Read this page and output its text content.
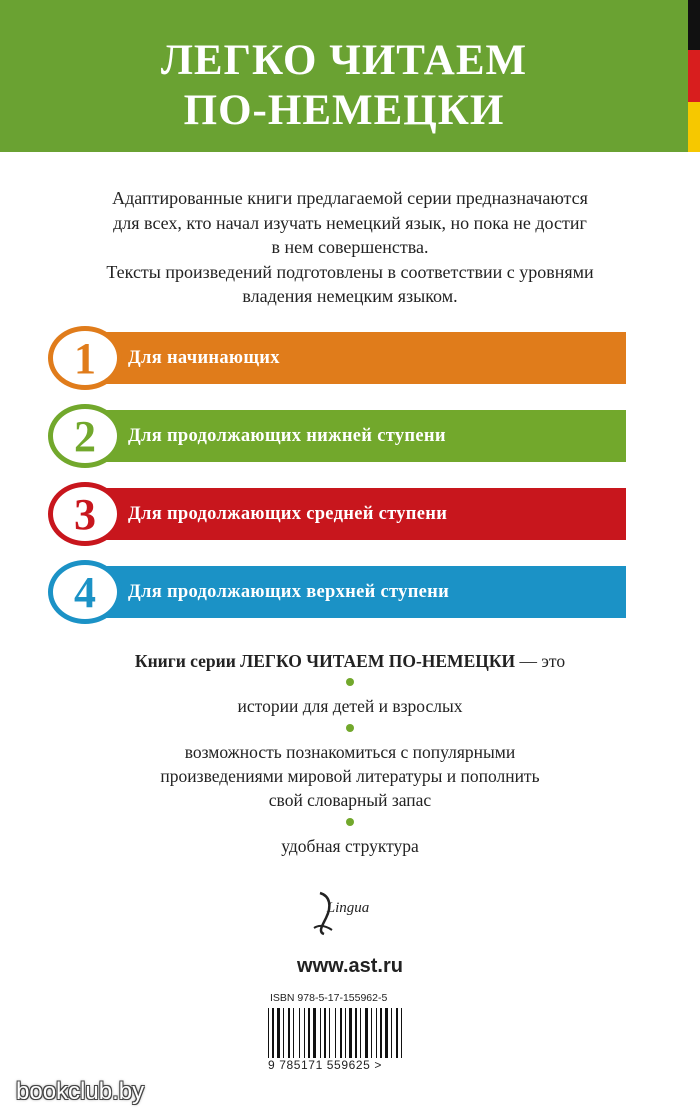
ЛЕГКО ЧИТАЕМ
ПО-НЕМЕЦКИ

Адаптированные книги предлагаемой серии предназначаются

для всех, кто начал изучать немецкий язык, но пока не достиг

в нем совершенства.

Тексты произведений подготовлены в соответствии с уровнями

владения немецким языком.

Для начинающих
1
Для продолжающих нижней ступени
2
Для продолжающих средней ступени
3
Для продолжающих верхней ступени
4
Книги серии ЛЕГКО ЧИТАЕМ ПО-НЕМЕЦКИ — это
истории для детей и взрослых
возможность познакомиться с популярными
произведениями мировой литературы и пополнить
свой словарный запас
удобная структура
Lingua
www.ast.ru
ISBN 978-5-17-155962-5
9 785171 559625 >
bookclub.by
